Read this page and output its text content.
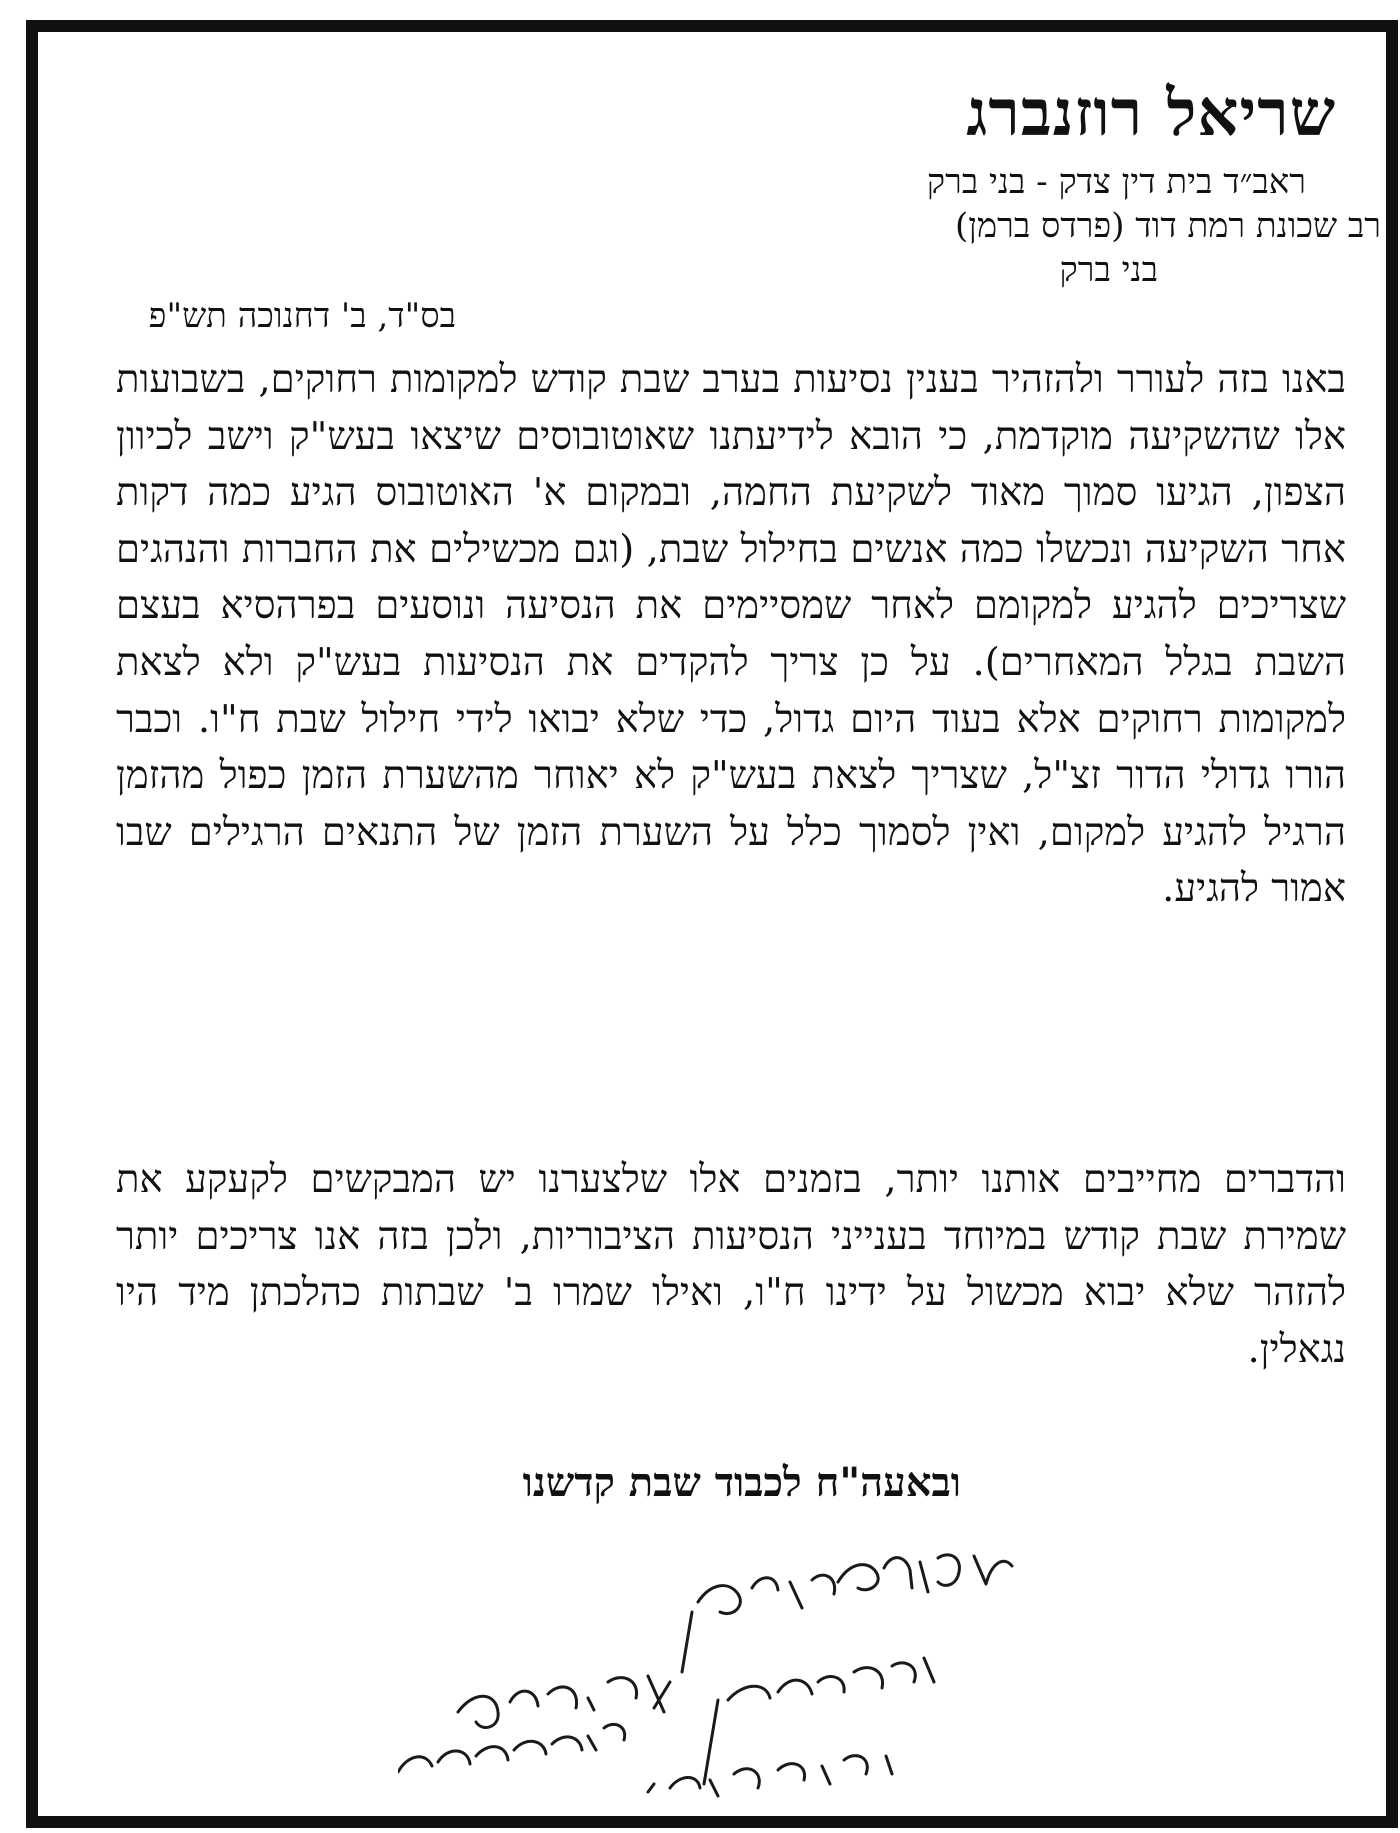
שריאל רוזנברג
ראב״ד בית דין צדק - בני ברק
רב שכונת רמת דוד (פרדס ברמן)
בני ברק
בס"ד, ב' דחנוכה תש"פ

באנו בזה לעורר ולהזהיר בענין נסיעות בערב שבת קודש למקומות רחוקים, בשבועות אלו שהשקיעה מוקדמת, כי הובא לידיעתנו שאוטובוסים שיצאו בעש"ק וישב לכיוון הצפון, הגיעו סמוך מאוד לשקיעת החמה, ובמקום א' האוטובוס הגיע כמה דקות אחר השקיעה ונכשלו כמה אנשים בחילול שבת, (וגם מכשילים את החברות והנהגים שצריכים להגיע למקומם לאחר שמסיימים את הנסיעה ונוסעים בפרהסיא בעצם השבת בגלל המאחרים). על כן צריך להקדים את הנסיעות בעש"ק ולא לצאת למקומות רחוקים אלא בעוד היום גדול, כדי שלא יבואו לידי חילול שבת ח"ו. וכבר הורו גדולי הדור זצ"ל, שצריך לצאת בעש"ק לא יאוחר מהשערת הזמן כפול מהזמן הרגיל להגיע למקום, ואין לסמוך כלל על השערת הזמן של התנאים הרגילים שבו אמור להגיע.

והדברים מחייבים אותנו יותר, בזמנים אלו שלצערנו יש המבקשים לקעקע את שמירת שבת קודש במיוחד בענייני הנסיעות הציבוריות, ולכן בזה אנו צריכים יותר להזהר שלא יבוא מכשול על ידינו ח"ו, ואילו שמרו ב' שבתות כהלכתן מיד היו נגאלין.

ובאעה"ח לכבוד שבת קדשנו
